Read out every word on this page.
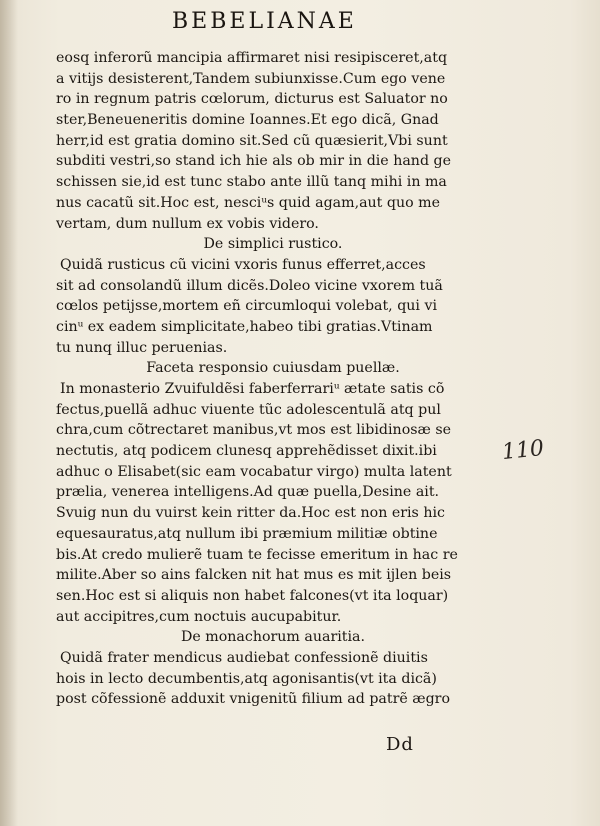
BEBELIANAE
eosq inferorũ mancipia affirmaret nisi resipisceret,atq
a vitijs desisterent,Tandem subiunxisse.Cum ego vene
ro in regnum patris cœlorum, dicturus est Saluator no
ster,Beneueneritis domine Ioannes.Et ego dicã, Gnad
herr,id est gratia domino sit.Sed cũ quæsierit,Vbi sunt
subditi vestri,so stand ich hie als ob mir in die hand ge
schissen sie,id est tunc stabo ante illũ tanq mihi in ma
nus cacatũ sit.Hoc est, nesciᵘs quid agam,aut quo me
vertam, dum nullum ex vobis videro.
De simplici rustico.
Quidã rusticus cũ vicini vxoris funus efferret,acces
sit ad consolandũ illum dicẽs.Doleo vicine vxorem tuã
cœlos petijsse,mortem eñ circumloqui volebat, qui vi
cinᵘ ex eadem simplicitate,habeo tibi gratias.Vtinam
tu nunq illuc peruenias.
Faceta responsio cuiusdam puellæ.
In monasterio Zvuifuldẽsi faberferrariᵘ ætate satis cõ
fectus,puellã adhuc viuente tũc adolescentulã atq pul
chra,cum cõtrectaret manibus,vt mos est libidinosæ se
nectutis, atq podicem clunesq apprehẽdisset dixit.ibi
adhuc o Elisabet(sic eam vocabatur virgo) multa latent
prælia, venerea intelligens.Ad quæ puella,Desine ait.
Svuig nun du vuirst kein ritter da.Hoc est non eris hic
equesauratus,atq nullum ibi præmium militiæ obtine
bis.At credo mulierẽ tuam te fecisse emeritum in hac re
milite.Aber so ains falcken nit hat mus es mit ijlen beis
sen.Hoc est si aliquis non habet falcones(vt ita loquar)
aut accipitres,cum noctuis aucupabitur.
De monachorum auaritia.
Quidã frater mendicus audiebat confessionẽ diuitis
hois in lecto decumbentis,atq agonisantis(vt ita dicã)
post cõfessionẽ adduxit vnigenitũ filium ad patrẽ ægro
110
Dd
